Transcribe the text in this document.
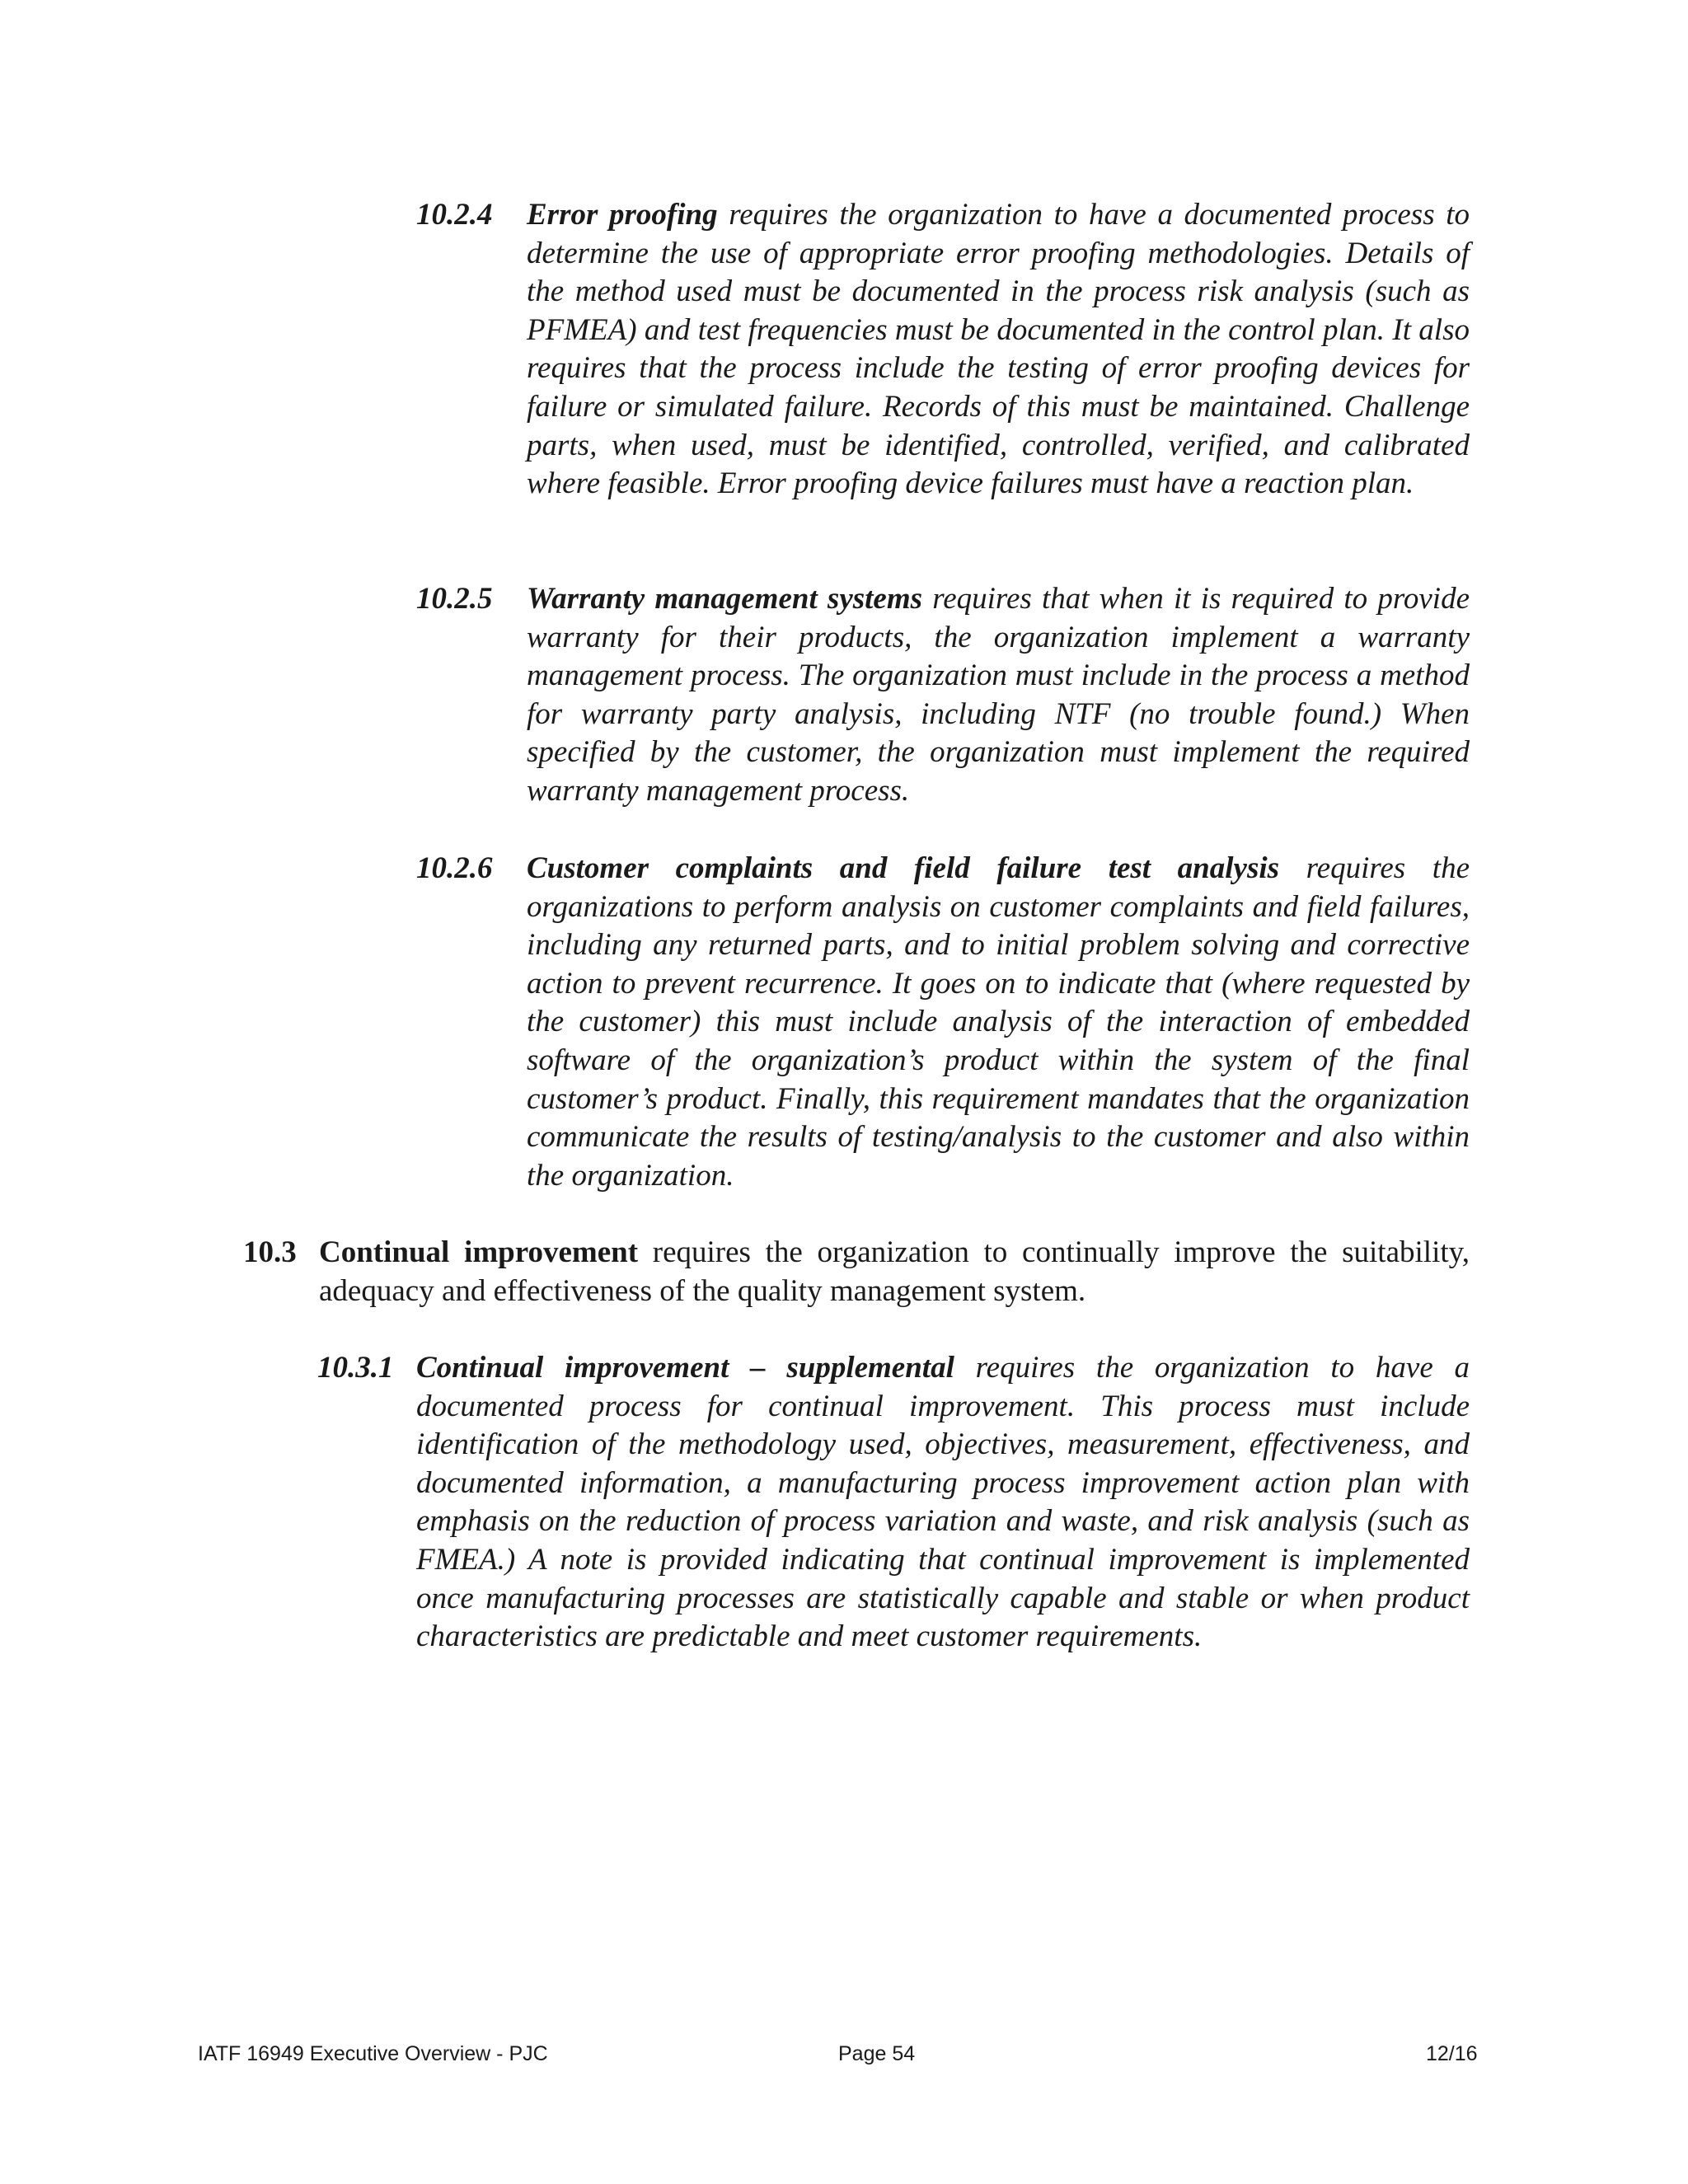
10.2.4 Error proofing requires the organization to have a documented process to determine the use of appropriate error proofing methodologies. Details of the method used must be documented in the process risk analysis (such as PFMEA) and test frequencies must be documented in the control plan. It also requires that the process include the testing of error proofing devices for failure or simulated failure. Records of this must be maintained. Challenge parts, when used, must be identified, controlled, verified, and calibrated where feasible. Error proofing device failures must have a reaction plan.

10.2.5 Warranty management systems requires that when it is required to provide warranty for their products, the organization implement a warranty management process. The organization must include in the process a method for warranty party analysis, including NTF (no trouble found.) When specified by the customer, the organization must implement the required warranty management process.

10.2.6 Customer complaints and field failure test analysis requires the organizations to perform analysis on customer complaints and field failures, including any returned parts, and to initial problem solving and corrective action to prevent recurrence. It goes on to indicate that (where requested by the customer) this must include analysis of the interaction of embedded software of the organization’s product within the system of the final customer’s product. Finally, this requirement mandates that the organization communicate the results of testing/analysis to the customer and also within the organization.

10.3 Continual improvement requires the organization to continually improve the suitability, adequacy and effectiveness of the quality management system.

10.3.1 Continual improvement – supplemental requires the organization to have a documented process for continual improvement. This process must include identification of the methodology used, objectives, measurement, effectiveness, and documented information, a manufacturing process improvement action plan with emphasis on the reduction of process variation and waste, and risk analysis (such as FMEA.) A note is provided indicating that continual improvement is implemented once manufacturing processes are statistically capable and stable or when product characteristics are predictable and meet customer requirements.

IATF 16949 Executive Overview - PJC	Page 54	12/16
